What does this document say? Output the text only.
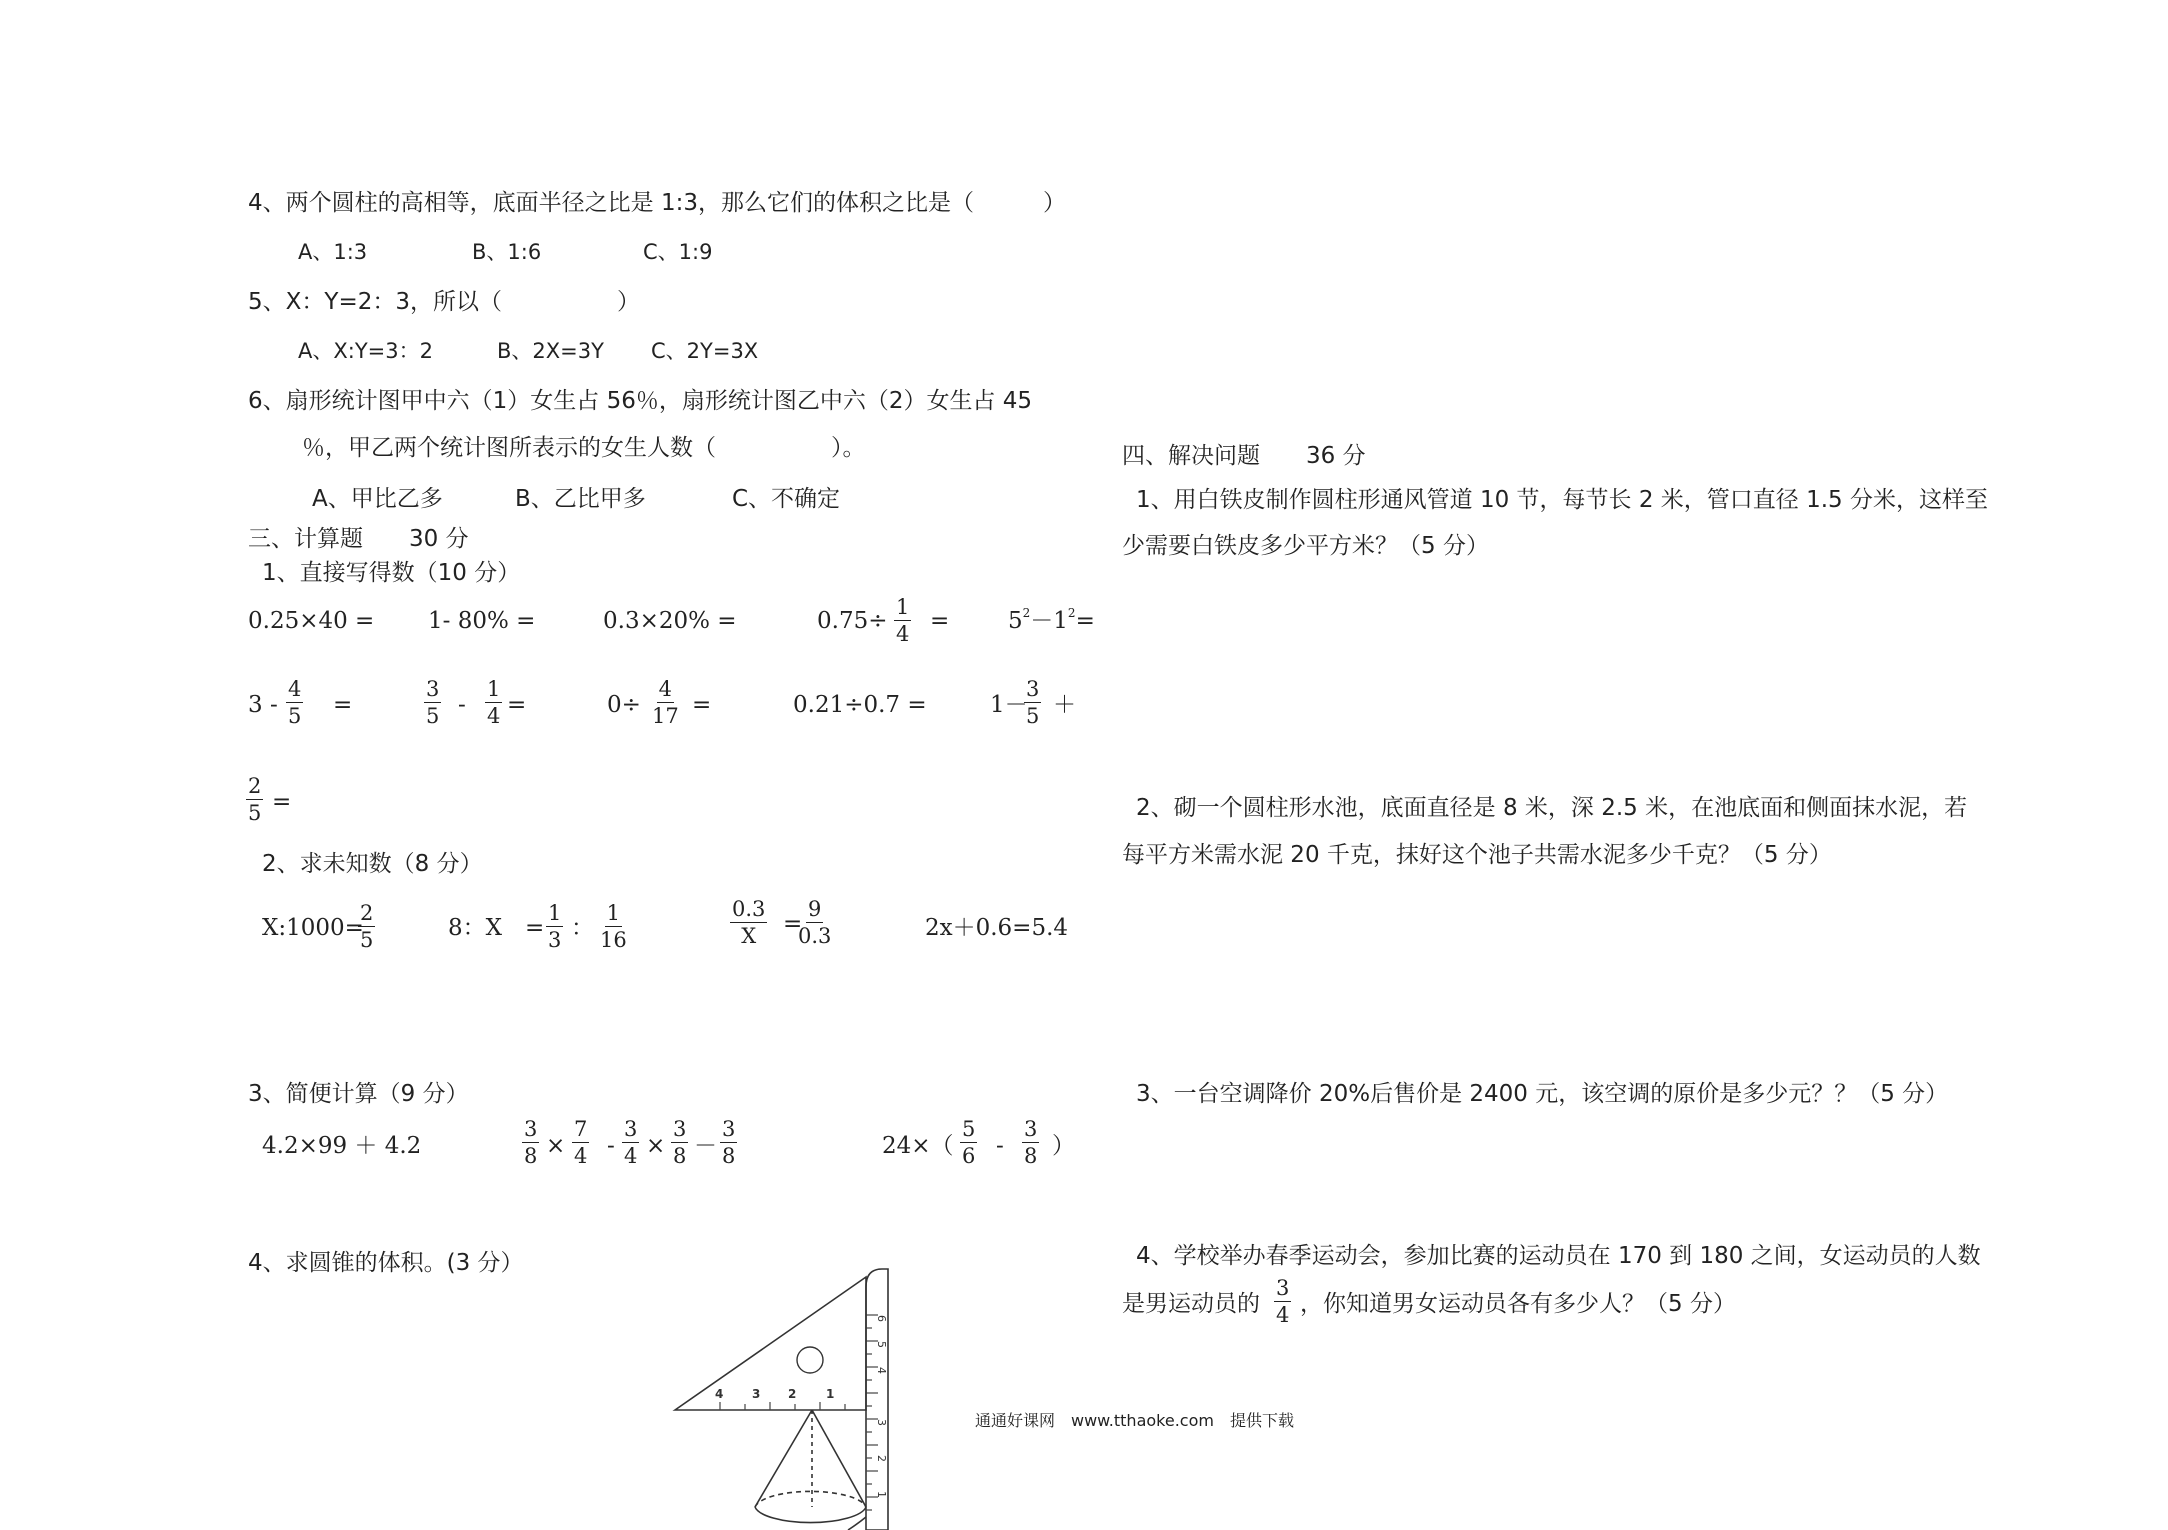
4、两个圆柱的高相等，底面半径之比是 1:3，那么它们的体积之比是（　　　）
A、1:3	B、1:6	C、1:9
5、X：Y=2：3，所以（　　　　　）
A、X:Y=3：2	B、2X=3Y C、2Y=3X
6、扇形统计图甲中六（1）女生占 56％，扇形统计图乙中六（2）女生占 45
％，甲乙两个统计图所表示的女生人数（　　　　　）。
A、甲比乙多	B、乙比甲多	C、不确定
三、计算题　　30 分
1、直接写得数（10 分）
0.25×40 = 1- 80% =	0.3×20% =	$0.75\div \frac{1}{4}$ =	$5^2-1^2=$
$3 - \frac{4}{5}$ =	$\frac{3}{5} - \frac{1}{4}$ =	$0\div \frac{4}{17}$ =	0.21÷0.7 =	1－
$\frac{3}{5}$ ＋
$\frac{2}{5}$ =
2、求未知数（8 分）
X:1000=
$\frac{2}{5}$	8：X　= $\frac{1}{3}$ ： $\frac{1}{16}$	$\frac{0.3}{X}$ =
$\frac{9}{0.3}$	2x＋0.6=5.4
3、简便计算（9 分）
4.2×99 ＋ 4.2	$\frac{3}{8} \times \frac{7}{4} - \frac{3}{4} \times \frac{3}{8} - \frac{3}{8}$	$24\times( \frac{5}{6} - \frac{3}{8}$ ）
4、求圆锥的体积。(3 分）
6
5
4
3
2
1
4 3 2 1
四、解决问题　　36 分
1、用白铁皮制作圆柱形通风管道 10 节，每节长 2 米，管口直径 1.5 分米，这样至
少需要白铁皮多少平方米？（5 分）
2、砌一个圆柱形水池，底面直径是 8 米，深 2.5 米，在池底面和侧面抹水泥，若
每平方米需水泥 20 千克，抹好这个池子共需水泥多少千克？（5 分）
3、一台空调降价 20%后售价是 2400 元，该空调的原价是多少元？？（5 分）
4、学校举办春季运动会，参加比赛的运动员在 170 到 180 之间，女运动员的人数
是男运动员的 $\frac{3}{4}$ ，你知道男女运动员各有多少人？（5 分）
通通好课网　www.tthaoke.com　提供下载
